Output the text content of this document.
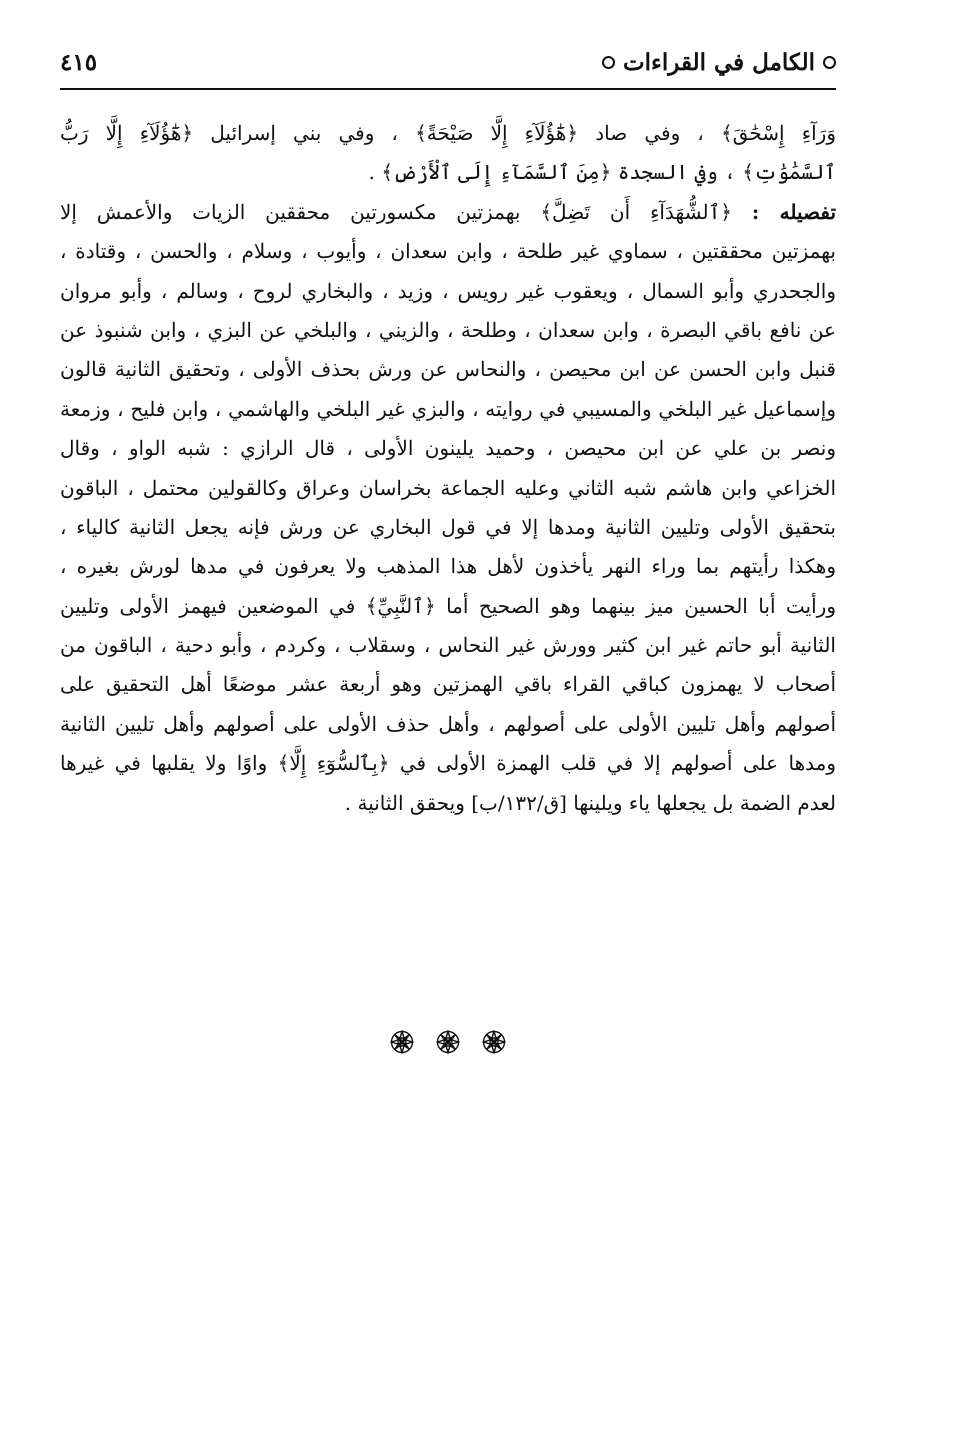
الكامل في القراءات
٤١٥
وَرَآءِ إِسْحَٰقَ﴾ ، وفي صاد ﴿هَٰٓؤُلَآءِ إِلَّا صَيْحَةً﴾ ، وفي بني إسرائيل ﴿هَٰٓؤُلَآءِ إِلَّا رَبُّ
ٱلسَّمَٰوَٰتِ﴾ ، وفي السجدة ﴿مِنَ ٱلسَّمَآءِ إِلَى ٱلْأَرْضِ﴾ .
تفصيله : ﴿ٱلشُّهَدَآءِ أَن تَضِلَّ﴾ بهمزتين مكسورتين محققين الزيات والأعمش إلا
بهمزتين محققتين ، سماوي غير طلحة ، وابن سعدان ، وأيوب ، وسلام ، والحسن ، وقتادة ،
والجحدري وأبو السمال ، ويعقوب غير رويس ، وزيد ، والبخاري لروح ، وسالم ، وأبو مروان
عن نافع باقي البصرة ، وابن سعدان ، وطلحة ، والزيني ، والبلخي عن البزي ، وابن شنبوذ عن
قنبل وابن الحسن عن ابن محيصن ، والنحاس عن ورش بحذف الأولى ، وتحقيق الثانية قالون
وإسماعيل غير البلخي والمسيبي في روايته ، والبزي غير البلخي والهاشمي ، وابن فليح ، وزمعة
ونصر بن علي عن ابن محيصن ، وحميد يلينون الأولى ، قال الرازي : شبه الواو ، وقال
الخزاعي وابن هاشم شبه الثاني وعليه الجماعة بخراسان وعراق وكالقولين محتمل ، الباقون
بتحقيق الأولى وتليين الثانية ومدها إلا في قول البخاري عن ورش فإنه يجعل الثانية كالياء ،
وهكذا رأيتهم بما وراء النهر يأخذون لأهل هذا المذهب ولا يعرفون في مدها لورش بغيره ،
ورأيت أبا الحسين ميز بينهما وهو الصحيح أما ﴿ٱلنَّبِيِّ﴾ في الموضعين فيهمز الأولى وتليين
الثانية أبو حاتم غير ابن كثير وورش غير النحاس ، وسقلاب ، وكردم ، وأبو دحية ، الباقون من
أصحاب لا يهمزون كباقي القراء باقي الهمزتين وهو أربعة عشر موضعًا أهل التحقيق على
أصولهم وأهل تليين الأولى على أصولهم ، وأهل حذف الأولى على أصولهم وأهل تليين الثانية
ومدها على أصولهم إلا في قلب الهمزة الأولى في ﴿بِٱلسُّوٓءِ إِلَّا﴾ واوًا ولا يقلبها في غيرها
لعدم الضمة بل يجعلها ياء ويلينها [ق/١٣٢/ب] ويحقق الثانية .
